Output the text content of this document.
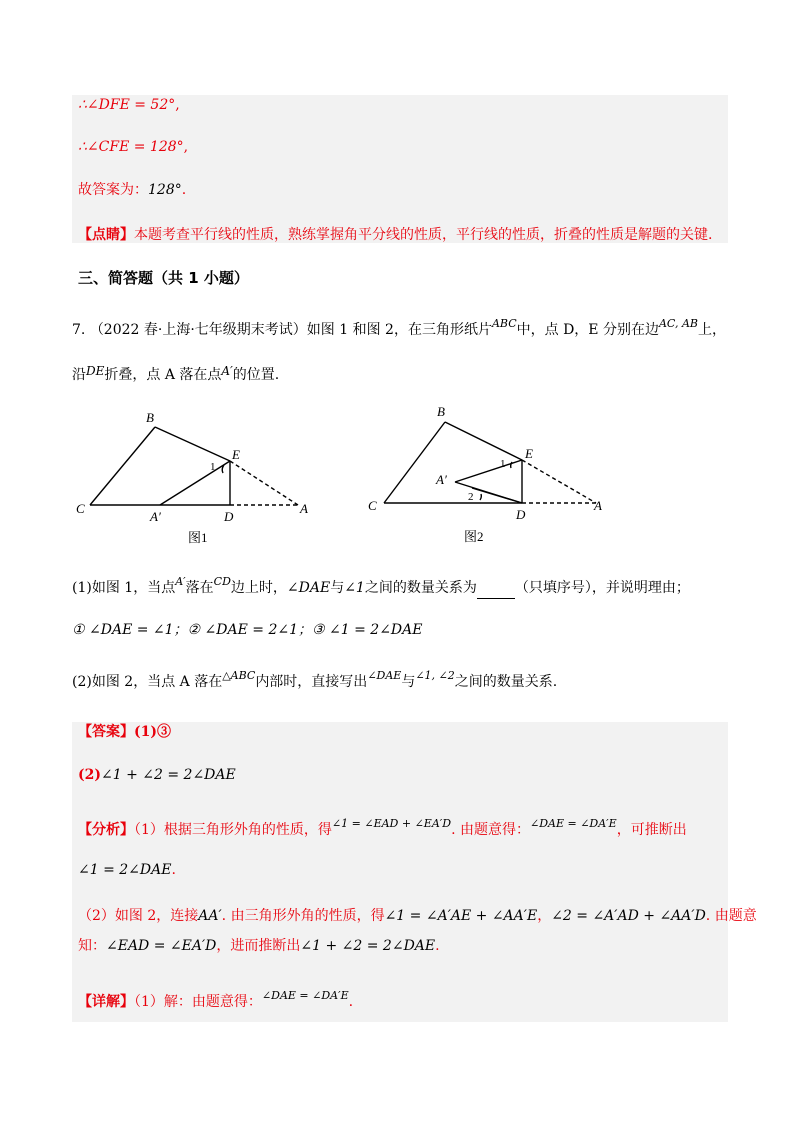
∴∠DFE = 52°,
∴∠CFE = 128°,
故答案为：128°.
【点睛】本题考查平行线的性质，熟练掌握角平分线的性质，平行线的性质，折叠的性质是解题的关键.
三、简答题（共 1 小题）
7. （2022 春·上海·七年级期末考试）如图 1 和图 2，在三角形纸片$^{ABC}$中，点 D，E 分别在边$^{AC, AB}$上，
沿DE折叠，点 A 落在点A′的位置.
B
C
E
A′	D
A
1
图1
B
C
E
A′
D
A
1
2
图2
(1)如图 1，当点$^{A'}$落在$^{CD}$边上时，∠DAE与∠1之间的数量关系为	（只填序号），并说明理由；
① ∠DAE = ∠1；② ∠DAE = 2∠1；③ ∠1 = 2∠DAE
(2)如图 2，当点 A 落在$^{\triangle ABC}$内部时，直接写出$^{\angle DAE}$与$^{\angle 1, \angle 2}$之间的数量关系.
【答案】(1)③
(2)∠1 + ∠2 = 2∠DAE
【分析】（1）根据三角形外角的性质，得$^{\angle 1 = \angle EAD + \angle EA'D}$. 由题意得：$^{\angle DAE = \angle DA'E}$，可推断出
∠1 = 2∠DAE.
（2）如图 2，连接AA′. 由三角形外角的性质，得∠1 = ∠A′AE + ∠AA′E，∠2 = ∠A′AD + ∠AA′D. 由题意
知：∠EAD = ∠EA′D，进而推断出∠1 + ∠2 = 2∠DAE.
【详解】（1）解：由题意得：$^{\angle DAE = \angle DA'E}$.
